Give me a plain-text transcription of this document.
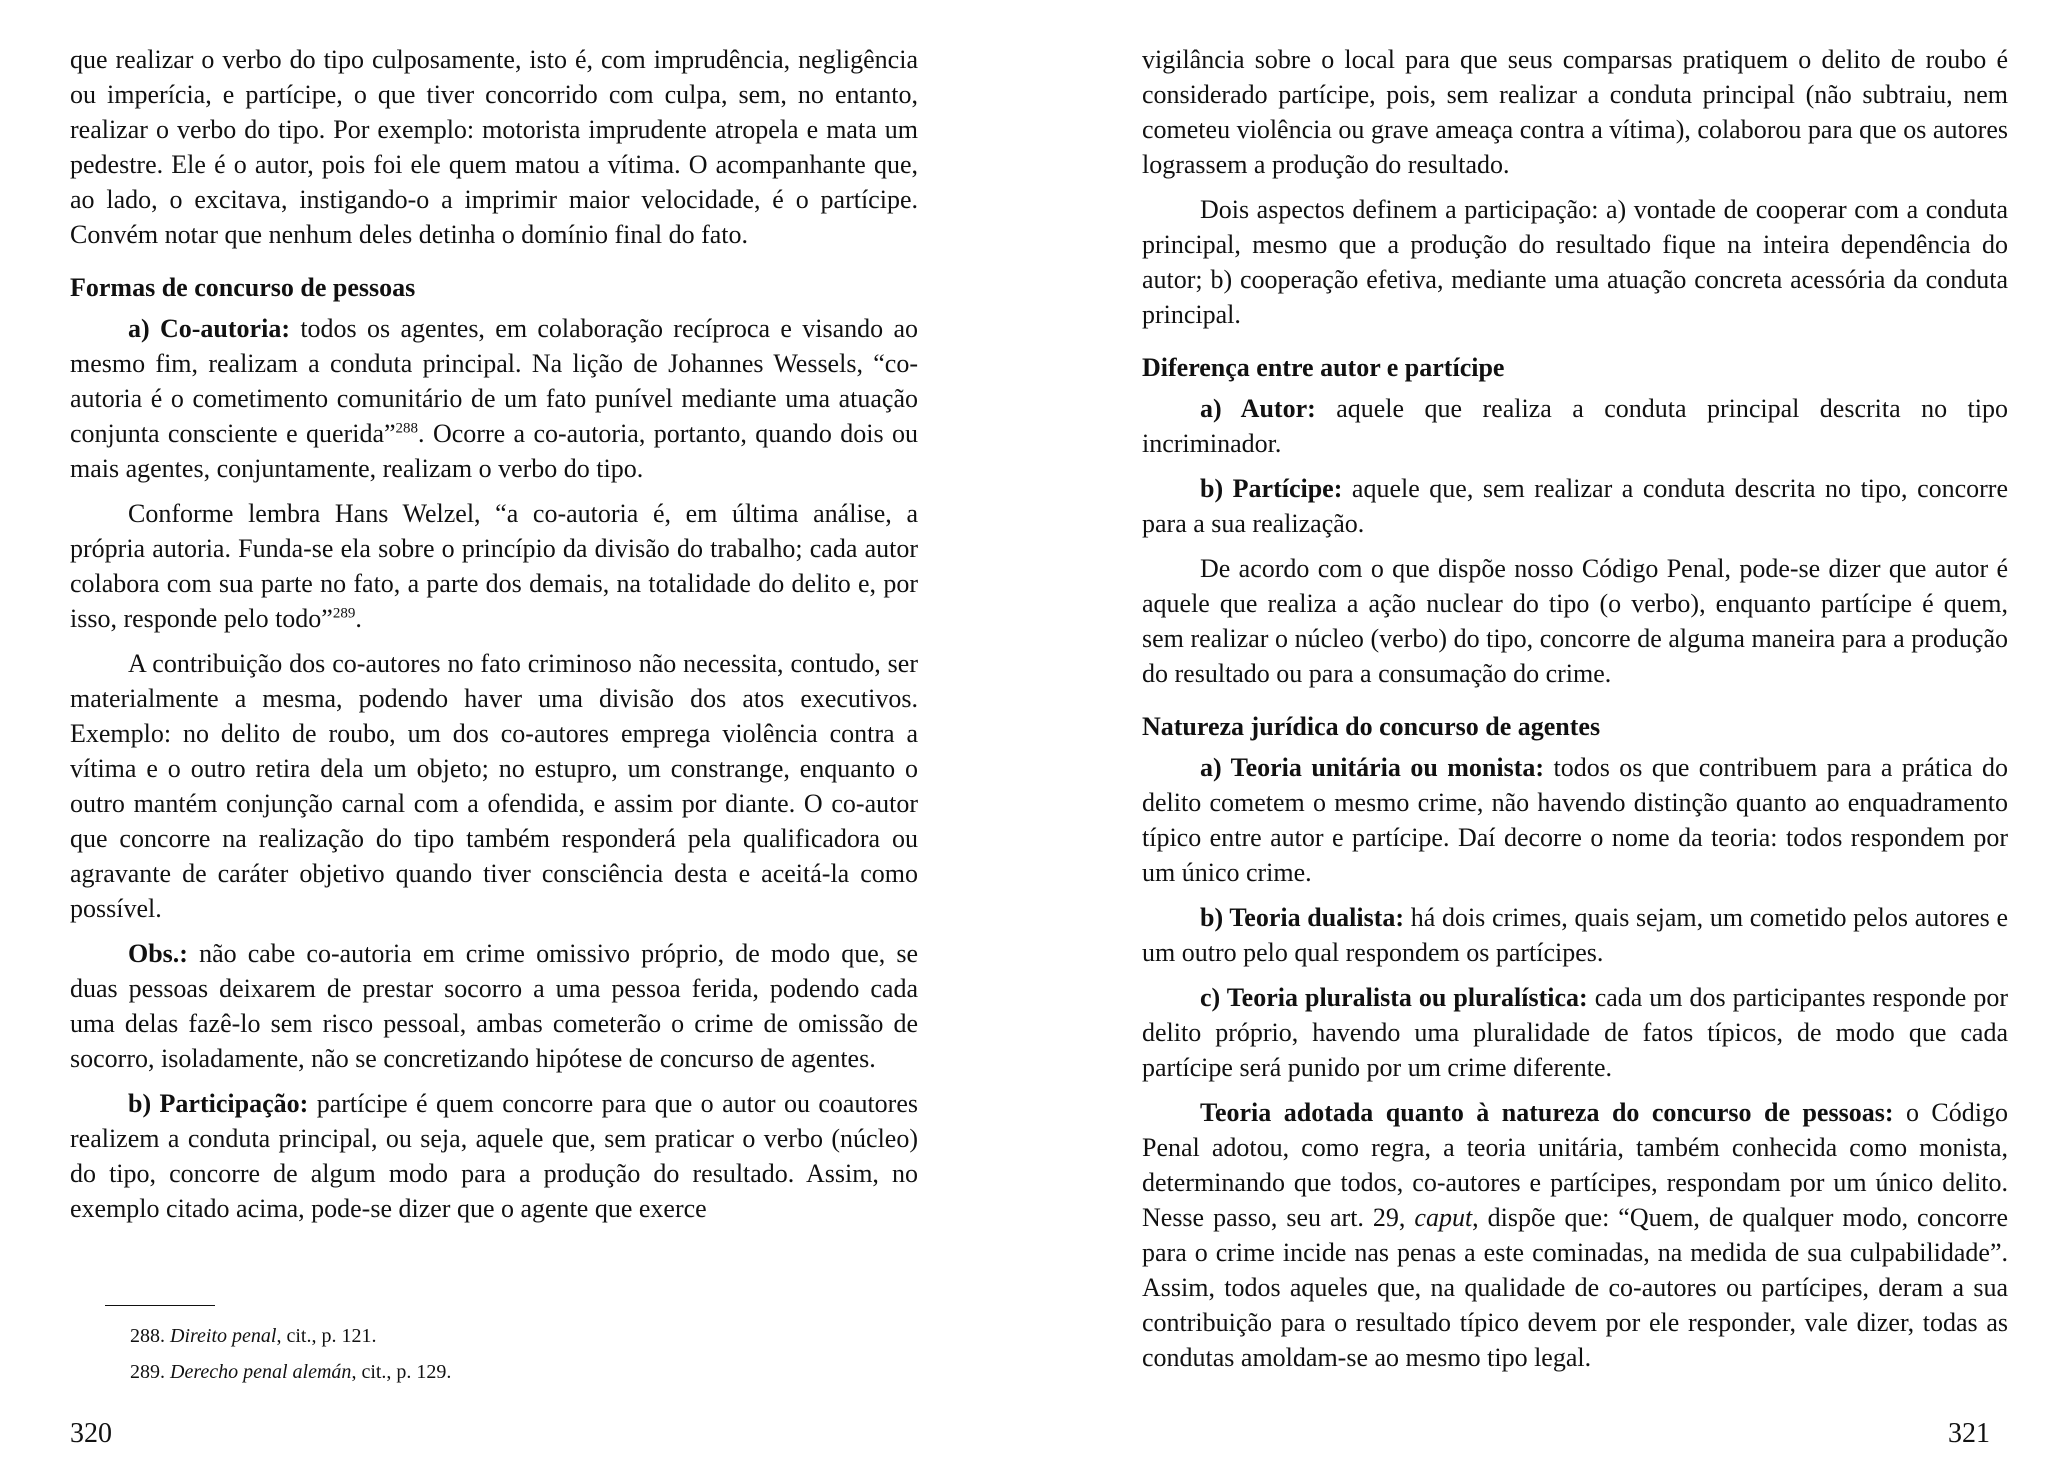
que realizar o verbo do tipo culposamente, isto é, com imprudência, negligência ou imperícia, e partícipe, o que tiver concorrido com culpa, sem, no entanto, realizar o verbo do tipo. Por exemplo: motorista imprudente atropela e mata um pedestre. Ele é o autor, pois foi ele quem matou a vítima. O acompanhante que, ao lado, o excitava, instigando-o a imprimir maior velocidade, é o partícipe. Convém notar que nenhum deles detinha o domínio final do fato.

Formas de concurso de pessoas

a) Co-autoria: todos os agentes, em colaboração recíproca e visando ao mesmo fim, realizam a conduta principal. Na lição de Johannes Wessels, “co-autoria é o cometimento comunitário de um fato punível mediante uma atuação conjunta consciente e querida”$^{288}$. Ocorre a co-autoria, portanto, quando dois ou mais agentes, conjuntamente, realizam o verbo do tipo.

Conforme lembra Hans Welzel, “a co-autoria é, em última análise, a própria autoria. Funda-se ela sobre o princípio da divisão do trabalho; cada autor colabora com sua parte no fato, a parte dos demais, na totalidade do delito e, por isso, responde pelo todo”$^{289}$.

A contribuição dos co-autores no fato criminoso não necessita, contudo, ser materialmente a mesma, podendo haver uma divisão dos atos executivos. Exemplo: no delito de roubo, um dos co-autores emprega violência contra a vítima e o outro retira dela um objeto; no estupro, um constrange, enquanto o outro mantém conjunção carnal com a ofendida, e assim por diante. O co-autor que concorre na realização do tipo também responderá pela qualificadora ou agravante de caráter objetivo quando tiver consciência desta e aceitá-la como possível.

Obs.: não cabe co-autoria em crime omissivo próprio, de modo que, se duas pessoas deixarem de prestar socorro a uma pessoa ferida, podendo cada uma delas fazê-lo sem risco pessoal, ambas cometerão o crime de omissão de socorro, isoladamente, não se concretizando hipótese de concurso de agentes.

b) Participação: partícipe é quem concorre para que o autor ou coautores realizem a conduta principal, ou seja, aquele que, sem praticar o verbo (núcleo) do tipo, concorre de algum modo para a produção do resultado. Assim, no exemplo citado acima, pode-se dizer que o agente que exerce

288. Direito penal, cit., p. 121.
289. Derecho penal alemán, cit., p. 129.
320

vigilância sobre o local para que seus comparsas pratiquem o delito de roubo é considerado partícipe, pois, sem realizar a conduta principal (não subtraiu, nem cometeu violência ou grave ameaça contra a vítima), colaborou para que os autores lograssem a produção do resultado.

Dois aspectos definem a participação: a) vontade de cooperar com a conduta principal, mesmo que a produção do resultado fique na inteira dependência do autor; b) cooperação efetiva, mediante uma atuação concreta acessória da conduta principal.

Diferença entre autor e partícipe

a) Autor: aquele que realiza a conduta principal descrita no tipo incriminador.

b) Partícipe: aquele que, sem realizar a conduta descrita no tipo, concorre para a sua realização.

De acordo com o que dispõe nosso Código Penal, pode-se dizer que autor é aquele que realiza a ação nuclear do tipo (o verbo), enquanto partícipe é quem, sem realizar o núcleo (verbo) do tipo, concorre de alguma maneira para a produção do resultado ou para a consumação do crime.

Natureza jurídica do concurso de agentes

a) Teoria unitária ou monista: todos os que contribuem para a prática do delito cometem o mesmo crime, não havendo distinção quanto ao enquadramento típico entre autor e partícipe. Daí decorre o nome da teoria: todos respondem por um único crime.

b) Teoria dualista: há dois crimes, quais sejam, um cometido pelos autores e um outro pelo qual respondem os partícipes.

c) Teoria pluralista ou pluralística: cada um dos participantes responde por delito próprio, havendo uma pluralidade de fatos típicos, de modo que cada partícipe será punido por um crime diferente.

Teoria adotada quanto à natureza do concurso de pessoas: o Código Penal adotou, como regra, a teoria unitária, também conhecida como monista, determinando que todos, co-autores e partícipes, respondam por um único delito. Nesse passo, seu art. 29, caput, dispõe que: “Quem, de qualquer modo, concorre para o crime incide nas penas a este cominadas, na medida de sua culpabilidade”. Assim, todos aqueles que, na qualidade de co-autores ou partícipes, deram a sua contribuição para o resultado típico devem por ele responder, vale dizer, todas as condutas amoldam-se ao mesmo tipo legal.

321
